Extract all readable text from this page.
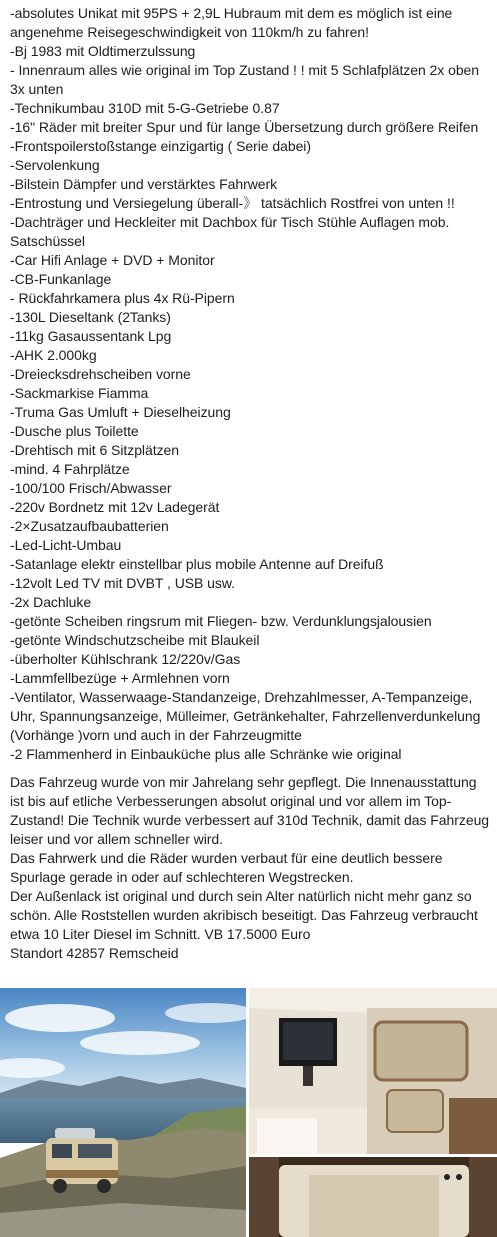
-absolutes Unikat mit 95PS + 2,9L Hubraum mit dem es möglich ist eine angenehme Reisegeschwindigkeit von 110km/h zu fahren!
-Bj 1983 mit Oldtimerzulssung
- Innenraum alles wie original im Top Zustand ! ! mit 5 Schlafplätzen 2x oben 3x unten
-Technikumbau 310D mit 5-G-Getriebe 0.87
-16" Räder mit breiter Spur und für lange Übersetzung durch größere Reifen
-Frontspoilerstoßstange einzigartig ( Serie dabei)
-Servolenkung
-Bilstein Dämpfer und verstärktes Fahrwerk
-Entrostung und Versiegelung überall-》 tatsächlich Rostfrei von unten !!
-Dachträger und Heckleiter mit Dachbox für Tisch Stühle Auflagen mob. Satschüssel
-Car Hifi Anlage + DVD + Monitor
-CB-Funkanlage
- Rückfahrkamera plus 4x Rü-Pipern
-130L Dieseltank (2Tanks)
-11kg Gasaussentank Lpg
-AHK 2.000kg
-Dreiecksdrehscheiben vorne
-Sackmarkise Fiamma
-Truma Gas Umluft + Dieselheizung
-Dusche plus Toilette
-Drehtisch mit 6 Sitzplätzen
-mind. 4 Fahrplätze
-100/100 Frisch/Abwasser
-220v Bordnetz mit 12v Ladegerät
-2×Zusatzaufbaubatterien
-Led-Licht-Umbau
-Satanlage elektr einstellbar plus mobile Antenne auf Dreifuß
-12volt Led TV mit DVBT , USB usw.
-2x Dachluke
-getönte Scheiben ringsrum mit Fliegen- bzw. Verdunklungsjalousien
-getönte Windschutzscheibe mit Blaukeil
-überholter Kühlschrank 12/220v/Gas
-Lammfellbezüge + Armlehnen vorn
-Ventilator, Wasserwaage-Standanzeige, Drehzahlmesser, A-Tempanzeige, Uhr, Spannungsanzeige, Mülleimer, Getränkehalter, Fahrzellenverdunkelung (Vorhänge )vorn und auch in der Fahrzeugmitte
-2 Flammenherd in Einbauküche plus alle Schränke wie original
Das Fahrzeug wurde von mir Jahrelang sehr gepflegt. Die Innenausstattung ist bis auf etliche Verbesserungen absolut original und vor allem im Top-Zustand! Die Technik wurde verbessert auf 310d Technik, damit das Fahrzeug leiser und vor allem schneller wird.
Das Fahrwerk und die Räder wurden verbaut für eine deutlich bessere Spurlage gerade in oder auf schlechteren Wegstrecken.
Der Außenlack ist original und durch sein Alter natürlich nicht mehr ganz so schön. Alle Roststellen wurden akribisch beseitigt. Das Fahrzeug verbraucht etwa 10 Liter Diesel im Schnitt. VB 17.5000 Euro
Standort 42857 Remscheid
